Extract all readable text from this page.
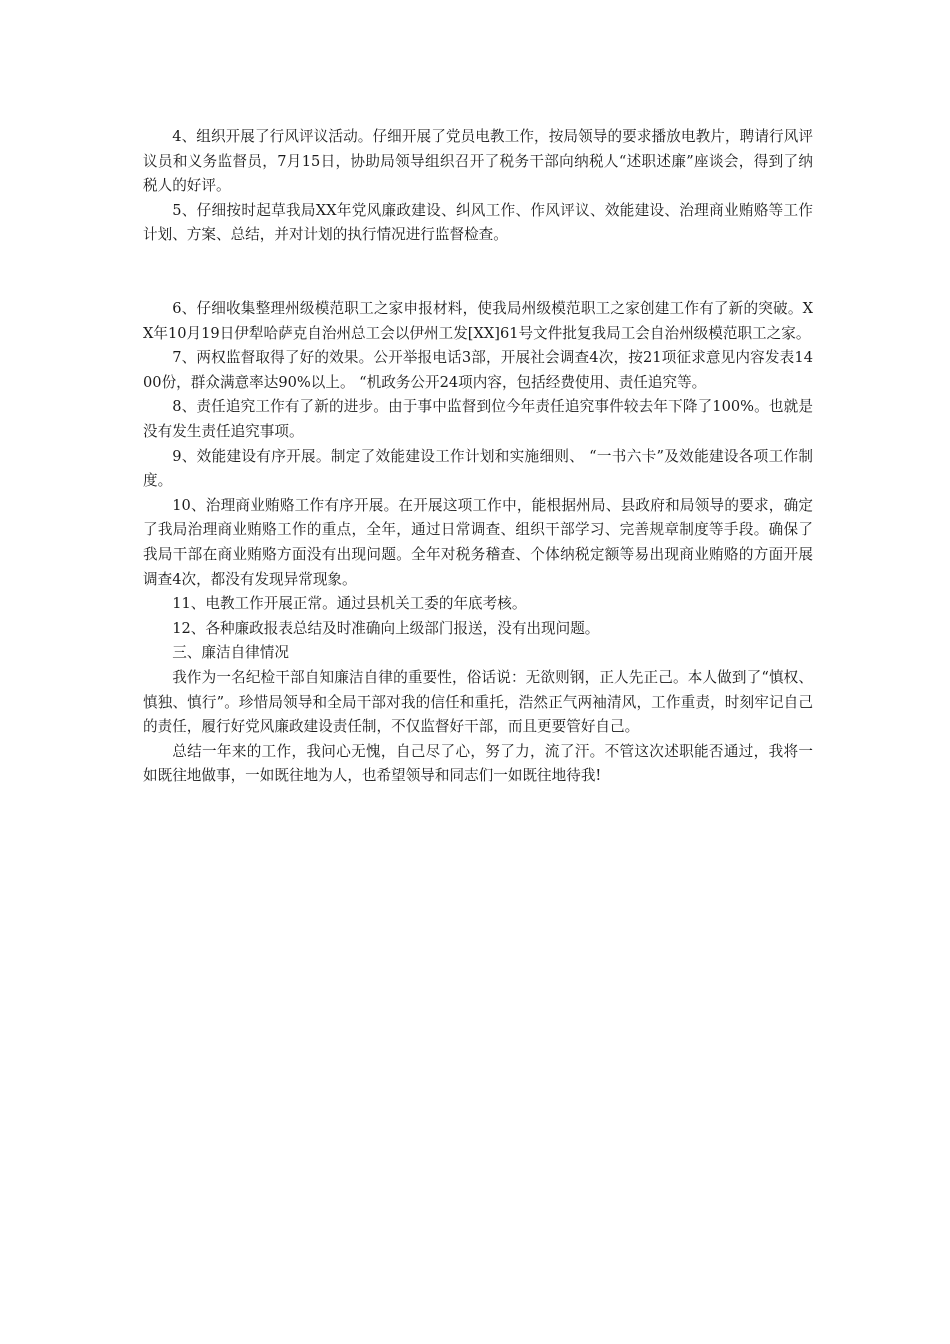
4、组织开展了行风评议活动。仔细开展了党员电教工作，按局领导的要求播放电教片，聘请行风评议员和义务监督员，7月15日，协助局领导组织召开了税务干部向纳税人“述职述廉”座谈会，得到了纳税人的好评。

5、仔细按时起草我局XX年党风廉政建设、纠风工作、作风评议、效能建设、治理商业贿赂等工作计划、方案、总结，并对计划的执行情况进行监督检查。

6、仔细收集整理州级模范职工之家申报材料，使我局州级模范职工之家创建工作有了新的突破。XX年10月19日伊犁哈萨克自治州总工会以伊州工发[XX]61号文件批复我局工会自治州级模范职工之家。

7、两权监督取得了好的效果。公开举报电话3部，开展社会调查4次，按21项征求意见内容发表1400份，群众满意率达90%以上。 “机政务公开24项内容，包括经费使用、责任追究等。

8、责任追究工作有了新的进步。由于事中监督到位今年责任追究事件较去年下降了100%。也就是没有发生责任追究事项。

9、效能建设有序开展。制定了效能建设工作计划和实施细则、 “一书六卡”及效能建设各项工作制度。

10、治理商业贿赂工作有序开展。在开展这项工作中，能根据州局、县政府和局领导的要求，确定了我局治理商业贿赂工作的重点，全年，通过日常调查、组织干部学习、完善规章制度等手段。确保了我局干部在商业贿赂方面没有出现问题。全年对税务稽查、个体纳税定额等易出现商业贿赂的方面开展调查4次，都没有发现异常现象。

11、电教工作开展正常。通过县机关工委的年底考核。

12、各种廉政报表总结及时准确向上级部门报送，没有出现问题。

三、廉洁自律情况

我作为一名纪检干部自知廉洁自律的重要性，俗话说：无欲则钢，正人先正己。本人做到了“慎权、慎独、慎行”。珍惜局领导和全局干部对我的信任和重托，浩然正气两袖清风，工作重责，时刻牢记自己的责任，履行好党风廉政建设责任制，不仅监督好干部，而且更要管好自己。

总结一年来的工作，我问心无愧，自己尽了心，努了力，流了汗。不管这次述职能否通过，我将一如既往地做事，一如既往地为人，也希望领导和同志们一如既往地待我!
